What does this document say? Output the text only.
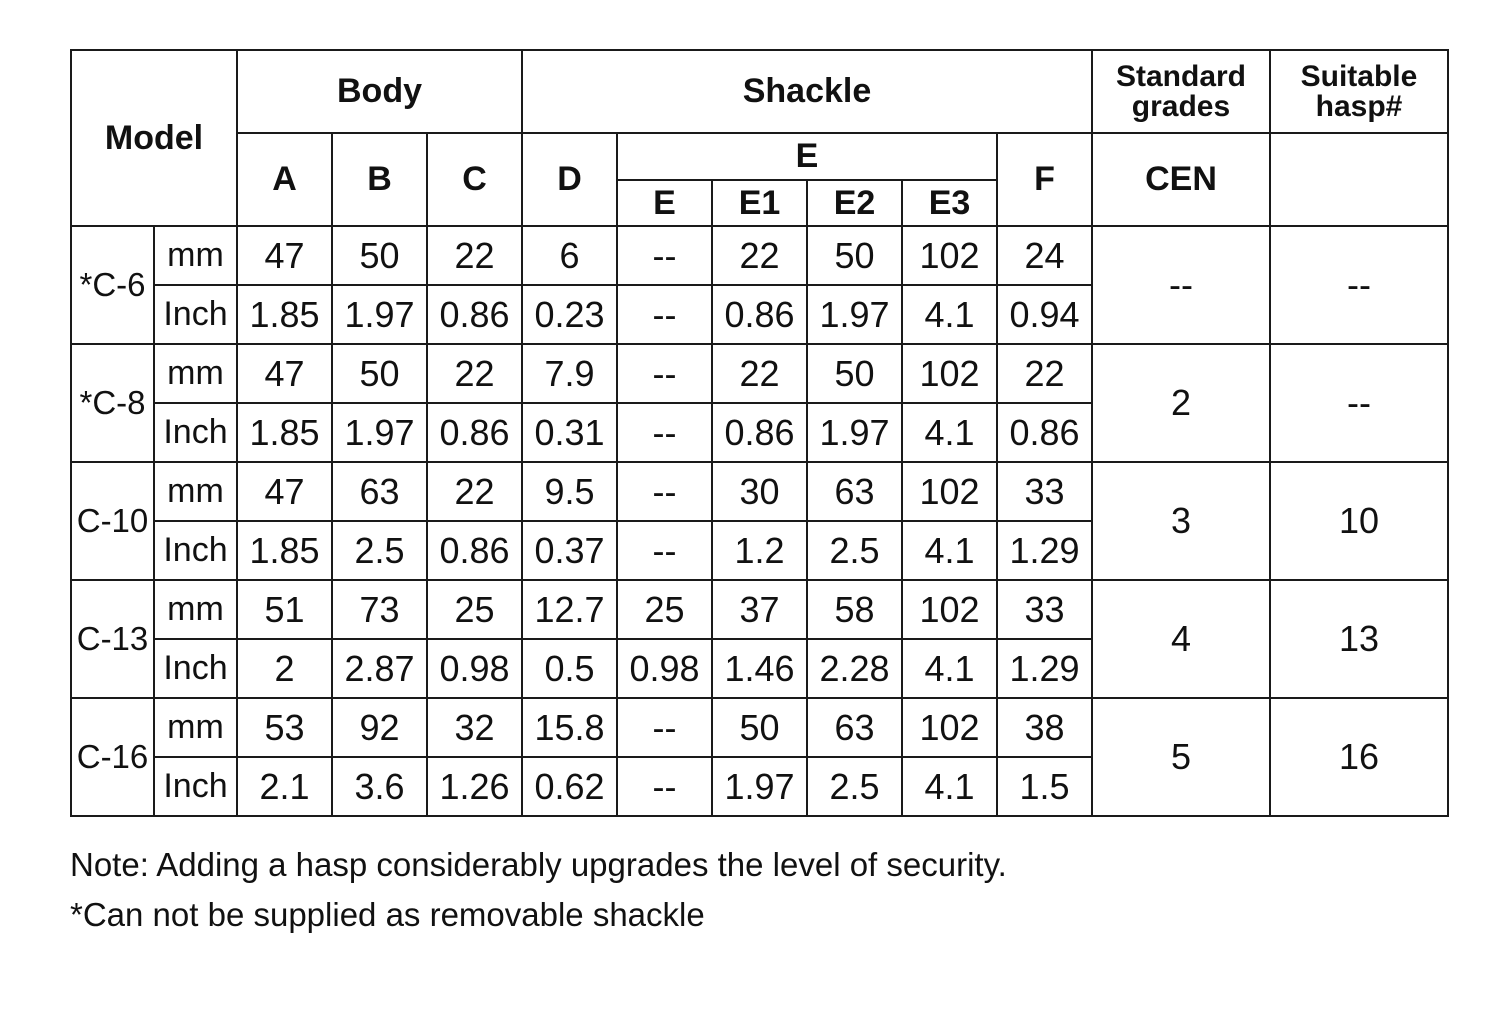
Model		Body			Shackle						Standard grades	Suitable hasp#
		A	B	C	D	E				F	CEN	
						E	E1	E2	E3			
*C-6	mm	47	50	22	6	--	22	50	102	24	--	--
	Inch	1.85	1.97	0.86	0.23	--	0.86	1.97	4.1	0.94		
*C-8	mm	47	50	22	7.9	--	22	50	102	22	2	--
	Inch	1.85	1.97	0.86	0.31	--	0.86	1.97	4.1	0.86		
C-10	mm	47	63	22	9.5	--	30	63	102	33	3	10
	Inch	1.85	2.5	0.86	0.37	--	1.2	2.5	4.1	1.29		
C-13	mm	51	73	25	12.7	25	37	58	102	33	4	13
	Inch	2	2.87	0.98	0.5	0.98	1.46	2.28	4.1	1.29		
C-16	mm	53	92	32	15.8	--	50	63	102	38	5	16
	Inch	2.1	3.6	1.26	0.62	--	1.97	2.5	4.1	1.5		
Note: Adding a hasp considerably upgrades the level of security.
*Can not be supplied as removable shackle
